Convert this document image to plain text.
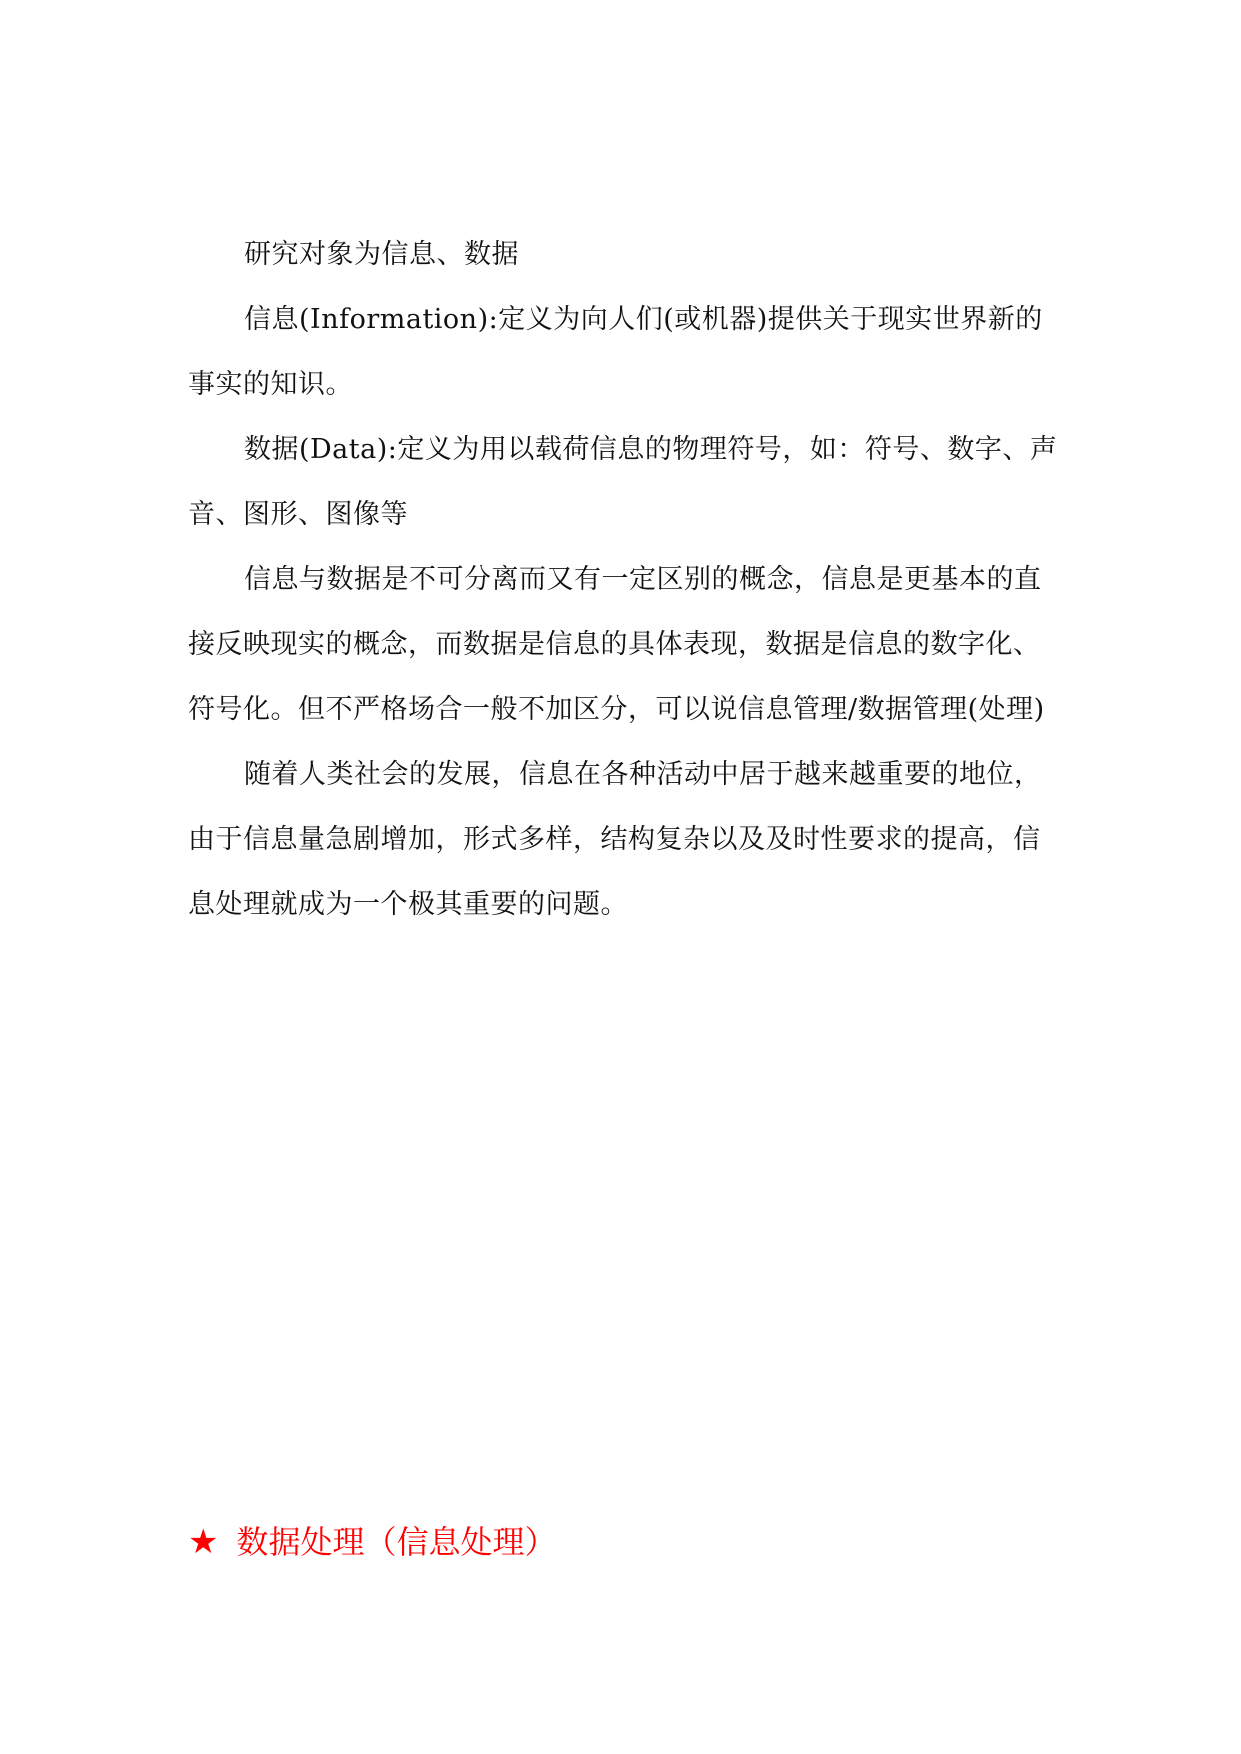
研究对象为信息、数据

信息(Information):定义为向人们(或机器)提供关于现实世界新的事实的知识。

数据(Data):定义为用以载荷信息的物理符号，如：符号、数字、声音、图形、图像等

信息与数据是不可分离而又有一定区别的概念，信息是更基本的直接反映现实的概念，而数据是信息的具体表现，数据是信息的数字化、符号化。但不严格场合一般不加区分，可以说信息管理/数据管理(处理)

随着人类社会的发展，信息在各种活动中居于越来越重要的地位，由于信息量急剧增加，形式多样，结构复杂以及及时性要求的提高，信息处理就成为一个极其重要的问题。

★ 数据处理（信息处理）
